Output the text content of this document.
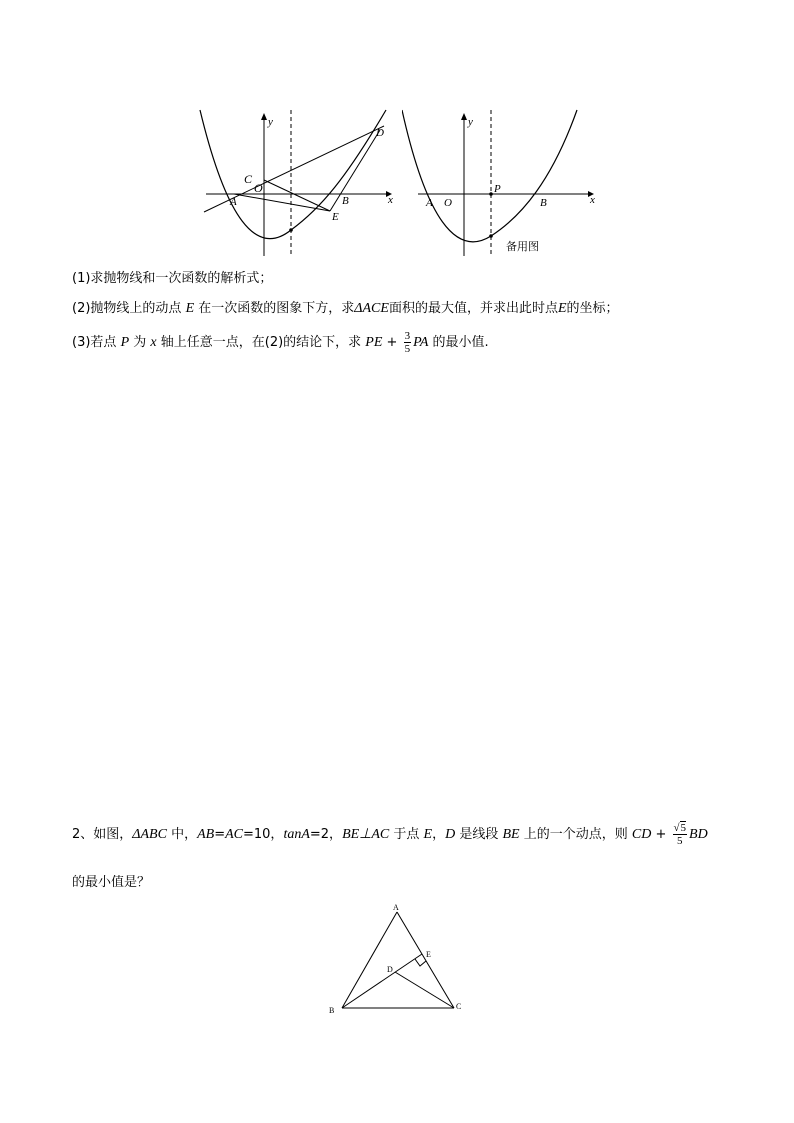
y
x
D
C
O
A	B
E
y
x
P
A O	B
备用图
(1)求抛物线和一次函数的解析式；
(2)抛物线上的动点 E 在一次函数的图象下方，求ΔACE面积的最大值，并求出此时点E的坐标；
(3)若点 P 为 x 轴上任意一点，在(2)的结论下，求 PE + $\frac{3}{5}$ PA 的最小值.
2、如图，ΔABC 中，AB=AC=10，tanA=2，BE⊥AC 于点 E，D 是线段 BE 上的一个动点，则 CD + $\frac{√5}{5}$ BD
的最小值是？
A
B	C
D
E
